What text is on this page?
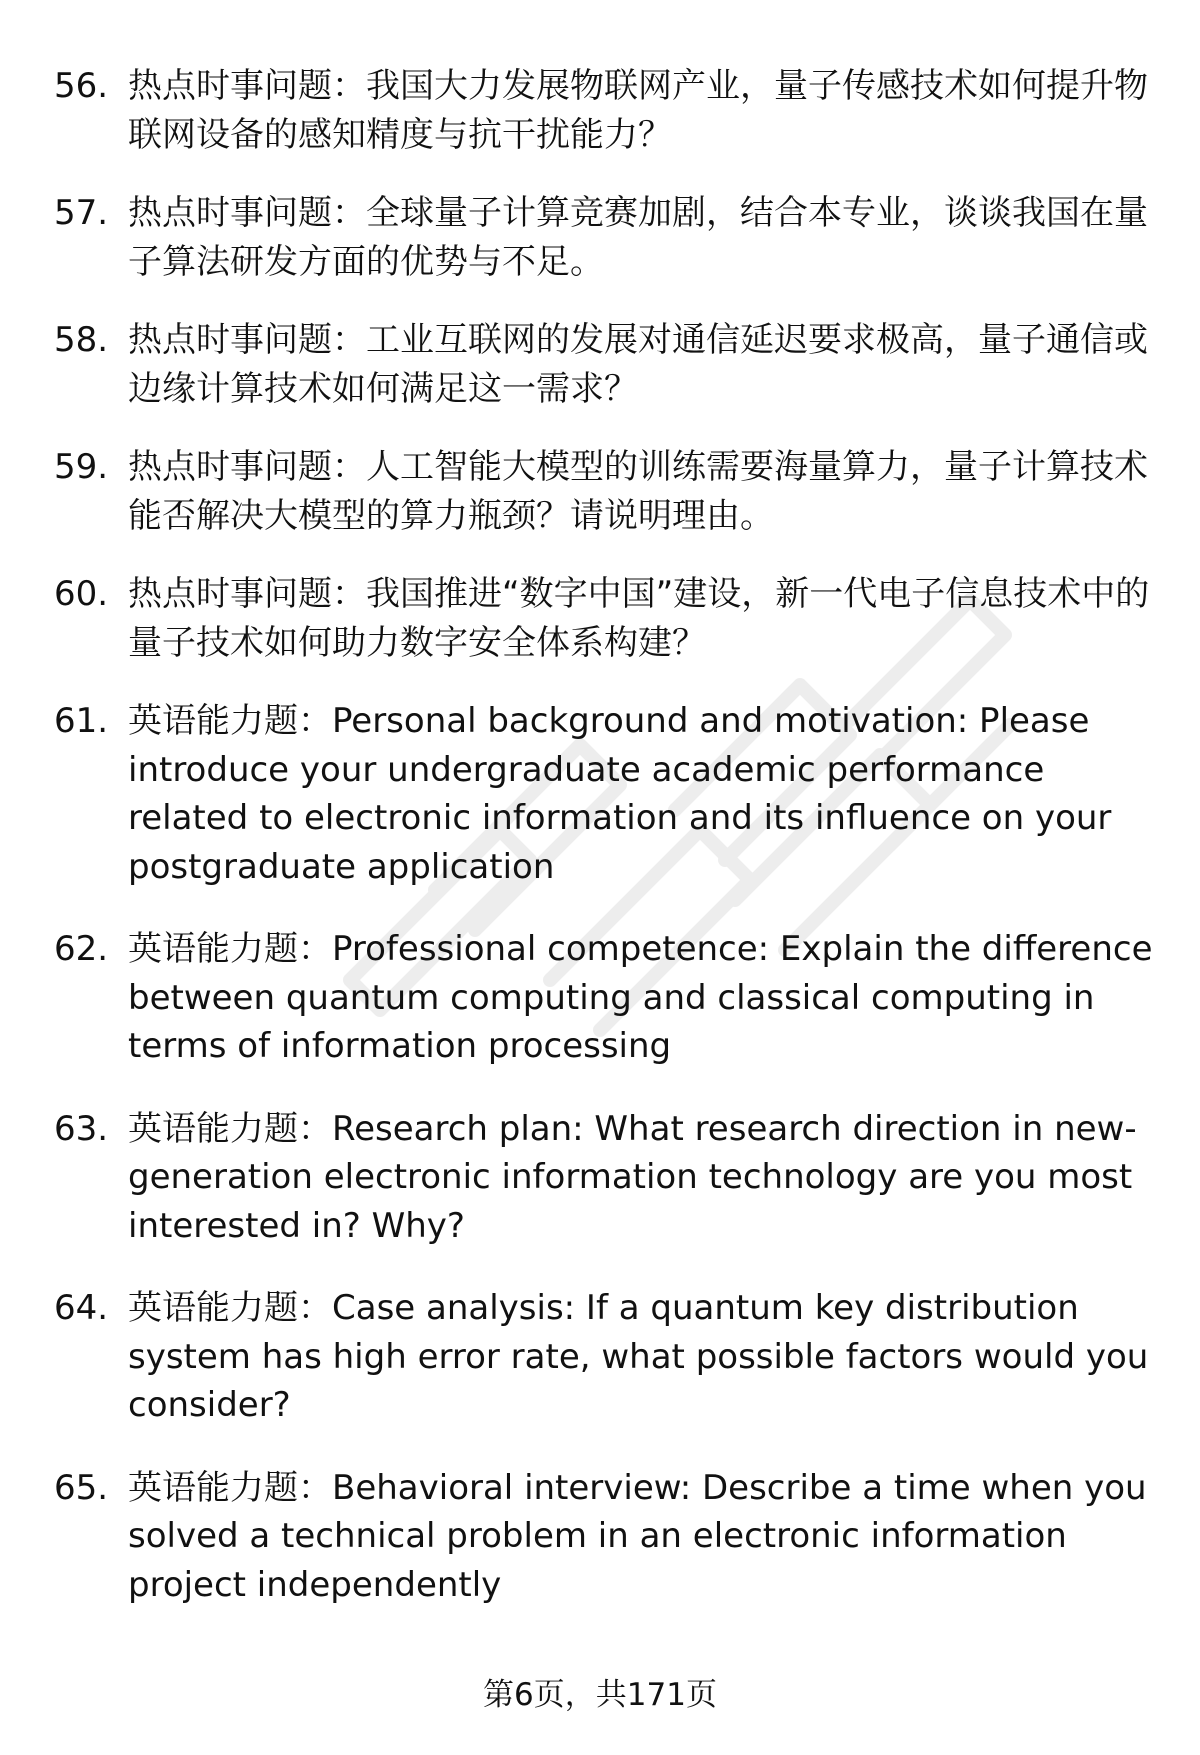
56. 热点时事问题：我国大力发展物联网产业，量子传感技术如何提升物联网设备的感知精度与抗干扰能力？
57. 热点时事问题：全球量子计算竞赛加剧，结合本专业，谈谈我国在量子算法研发方面的优势与不足。
58. 热点时事问题：工业互联网的发展对通信延迟要求极高，量子通信或边缘计算技术如何满足这一需求？
59. 热点时事问题：人工智能大模型的训练需要海量算力，量子计算技术能否解决大模型的算力瓶颈？请说明理由。
60. 热点时事问题：我国推进“数字中国”建设，新一代电子信息技术中的量子技术如何助力数字安全体系构建？
61. 英语能力题：Personal background and motivation: Please introduce your undergraduate academic performance related to electronic information and its influence on your postgraduate application
62. 英语能力题：Professional competence: Explain the difference between quantum computing and classical computing in terms of information processing
63. 英语能力题：Research plan: What research direction in new-generation electronic information technology are you most interested in? Why?
64. 英语能力题：Case analysis: If a quantum key distribution system has high error rate, what possible factors would you consider?
65. 英语能力题：Behavioral interview: Describe a time when you solved a technical problem in an electronic information project independently
第6页，共171页
